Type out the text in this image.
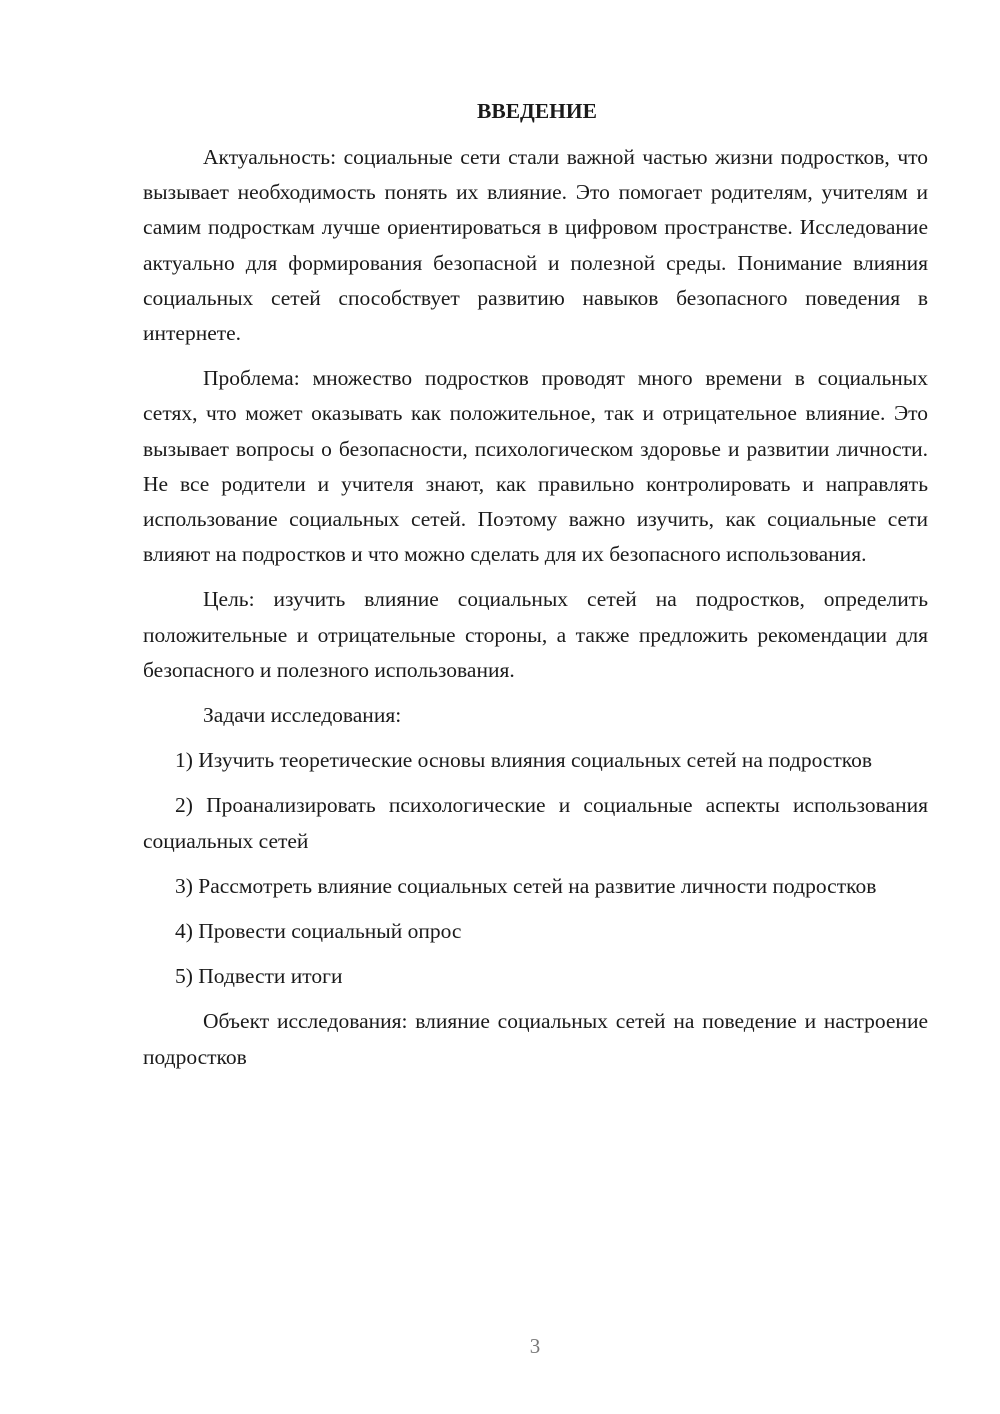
ВВЕДЕНИЕ

Актуальность: социальные сети стали важной частью жизни подростков, что вызывает необходимость понять их влияние. Это помогает родителям, учителям и самим подросткам лучше ориентироваться в цифровом пространстве. Исследование актуально для формирования безопасной и полезной среды. Понимание влияния социальных сетей способствует развитию навыков безопасного поведения в интернете.

Проблема: множество подростков проводят много времени в социальных сетях, что может оказывать как положительное, так и отрицательное влияние. Это вызывает вопросы о безопасности, психологическом здоровье и развитии личности. Не все родители и учителя знают, как правильно контролировать и направлять использование социальных сетей. Поэтому важно изучить, как социальные сети влияют на подростков и что можно сделать для их безопасного использования.

Цель: изучить влияние социальных сетей на подростков, определить положительные и отрицательные стороны, а также предложить рекомендации для безопасного и полезного использования.

Задачи исследования:

1) Изучить теоретические основы влияния социальных сетей на подростков

2) Проанализировать психологические и социальные аспекты использования социальных сетей

3) Рассмотреть влияние социальных сетей на развитие личности подростков

4) Провести социальный опрос

5) Подвести итоги

Объект исследования: влияние социальных сетей на поведение и настроение подростков

3
